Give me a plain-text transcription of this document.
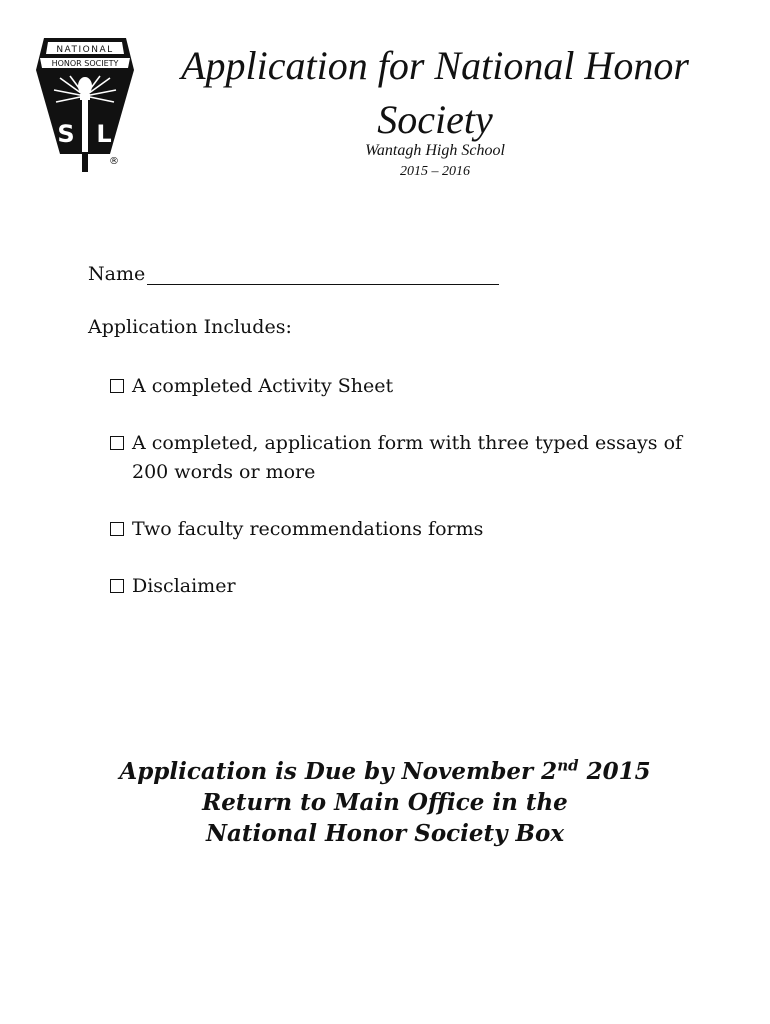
NATIONAL
HONOR SOCIETY
S L
®
Application for National Honor
Society
Wantagh High School
2015 – 2016
Name
Application Includes:
A completed Activity Sheet
A completed, application form with three typed essays of 200 words or more
Two faculty recommendations forms
Disclaimer
Application is Due by November 2nd 2015
Return to Main Office in the
National Honor Society Box
